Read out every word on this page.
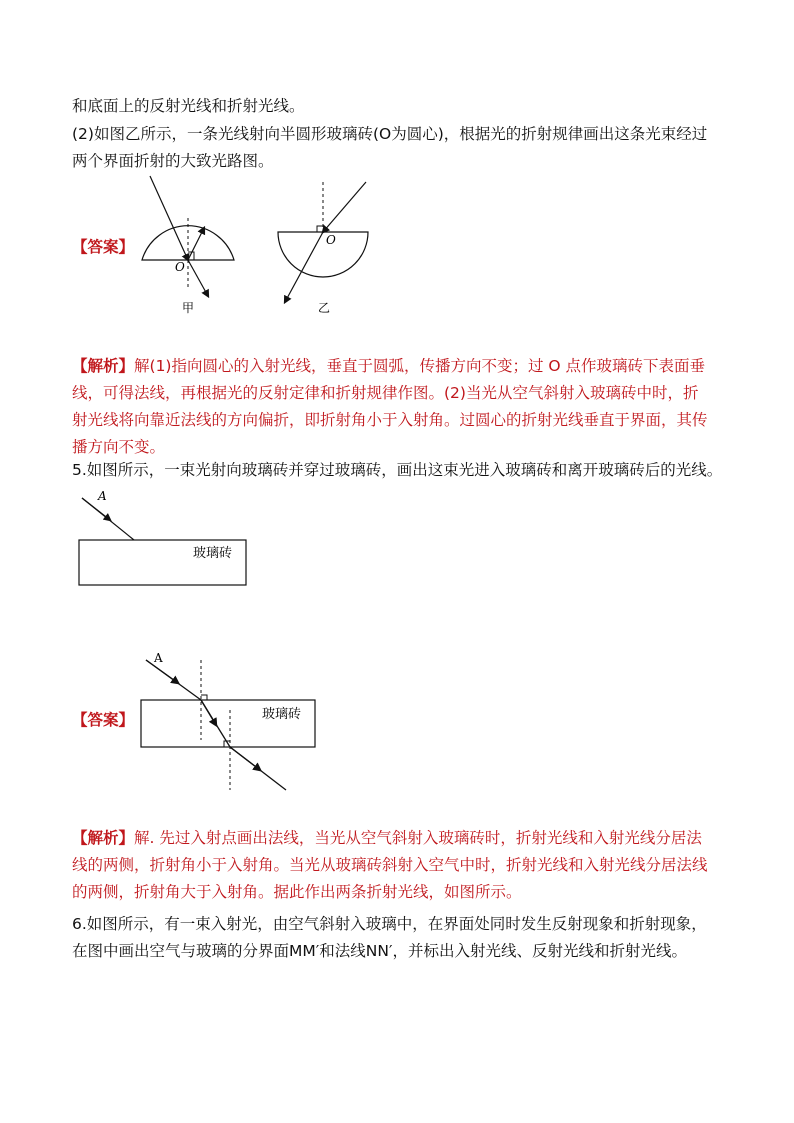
和底面上的反射光线和折射光线。
(2)如图乙所示，一条光线射向半圆形玻璃砖(O为圆心)，根据光的折射规律画出这条光束经过
两个界面折射的大致光路图。
【答案】
O
甲
O
乙
【解析】解(1)指向圆心的入射光线，垂直于圆弧，传播方向不变；过 O 点作玻璃砖下表面垂
线，可得法线，再根据光的反射定律和折射规律作图。(2)当光从空气斜射入玻璃砖中时，折
射光线将向靠近法线的方向偏折，即折射角小于入射角。过圆心的折射光线垂直于界面，其传
播方向不变。
5.如图所示，一束光射向玻璃砖并穿过玻璃砖，画出这束光进入玻璃砖和离开玻璃砖后的光线。
A
玻璃砖
【答案】
A
玻璃砖
【解析】解. 先过入射点画出法线，当光从空气斜射入玻璃砖时，折射光线和入射光线分居法
线的两侧，折射角小于入射角。当光从玻璃砖斜射入空气中时，折射光线和入射光线分居法线
的两侧，折射角大于入射角。据此作出两条折射光线，如图所示。
6.如图所示，有一束入射光，由空气斜射入玻璃中，在界面处同时发生反射现象和折射现象，
在图中画出空气与玻璃的分界面MM′和法线NN′，并标出入射光线、反射光线和折射光线。
